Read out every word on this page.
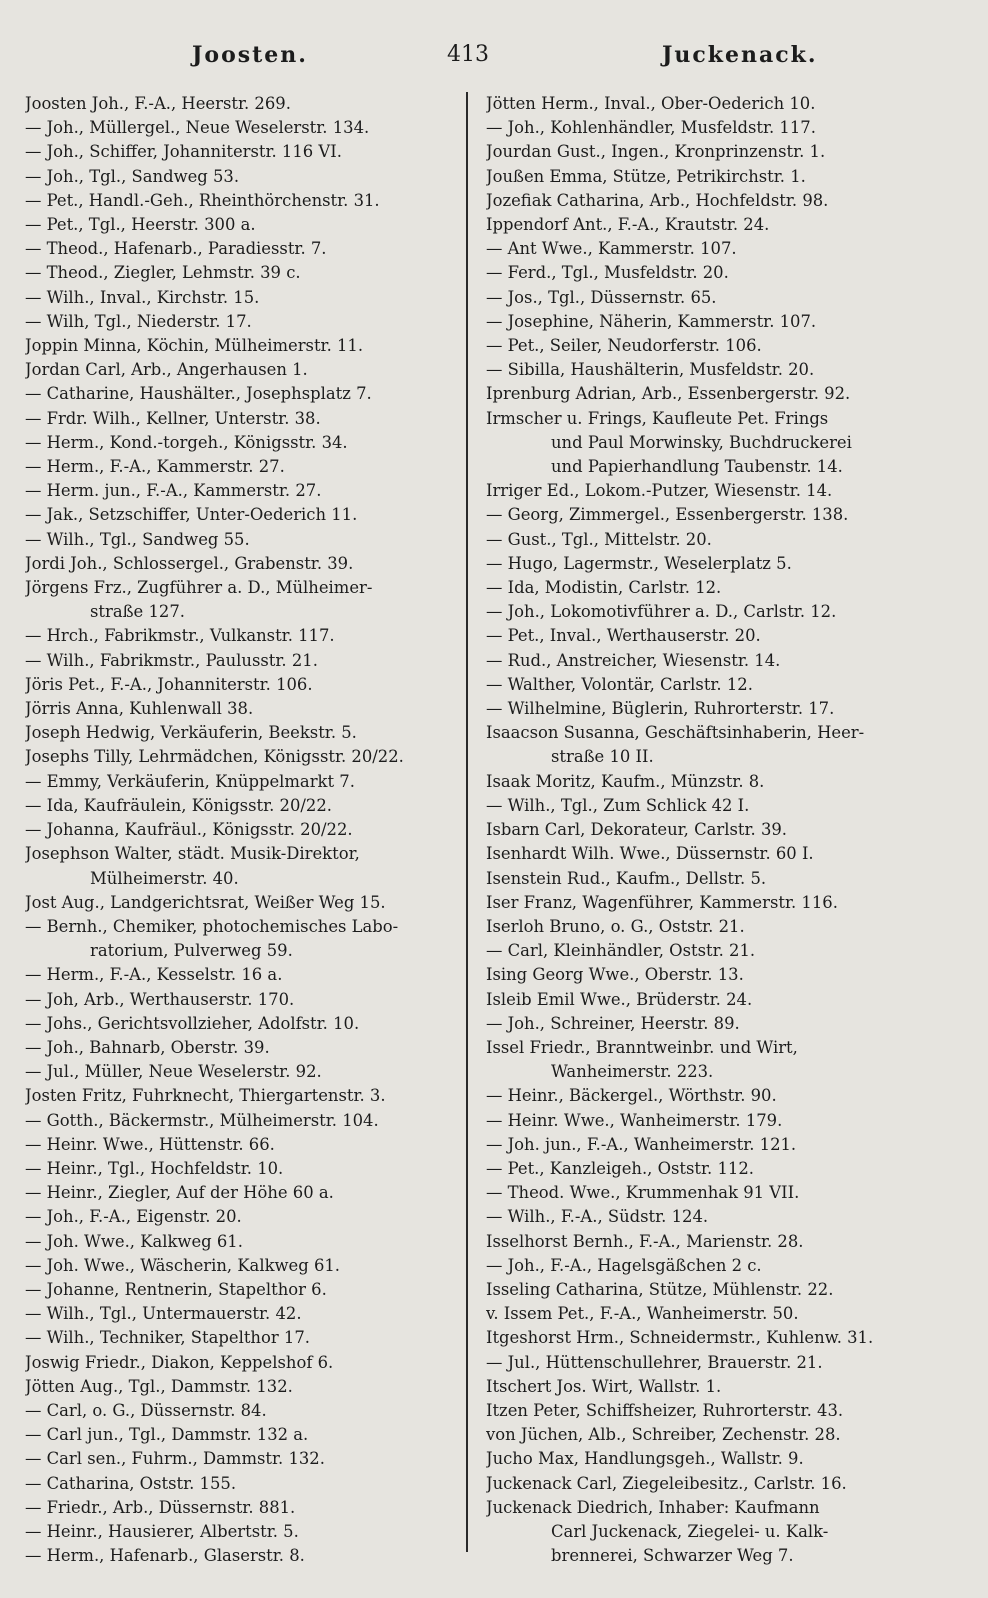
Joosten.	413	Juckenack.
Joosten Joh., F.-A., Heerstr. 269.
— Joh., Müllergel., Neue Weselerstr. 134.
— Joh., Schiffer, Johanniterstr. 116 VI.
— Joh., Tgl., Sandweg 53.
— Pet., Handl.-Geh., Rheinthörchenstr. 31.
— Pet., Tgl., Heerstr. 300 a.
— Theod., Hafenarb., Paradiesstr. 7.
— Theod., Ziegler, Lehmstr. 39 c.
— Wilh., Inval., Kirchstr. 15.
— Wilh, Tgl., Niederstr. 17.
Joppin Minna, Köchin, Mülheimerstr. 11.
Jordan Carl, Arb., Angerhausen 1.
— Catharine, Haushälter., Josephsplatz 7.
— Frdr. Wilh., Kellner, Unterstr. 38.
— Herm., Kond.-torgeh., Königsstr. 34.
— Herm., F.-A., Kammerstr. 27.
— Herm. jun., F.-A., Kammerstr. 27.
— Jak., Setzschiffer, Unter-Oederich 11.
— Wilh., Tgl., Sandweg 55.
Jordi Joh., Schlossergel., Grabenstr. 39.
Jörgens Frz., Zugführer a. D., Mülheimer-
straße 127.
— Hrch., Fabrikmstr., Vulkanstr. 117.
— Wilh., Fabrikmstr., Paulusstr. 21.
Jöris Pet., F.-A., Johanniterstr. 106.
Jörris Anna, Kuhlenwall 38.
Joseph Hedwig, Verkäuferin, Beekstr. 5.
Josephs Tilly, Lehrmädchen, Königsstr. 20/22.
— Emmy, Verkäuferin, Knüppelmarkt 7.
— Ida, Kaufräulein, Königsstr. 20/22.
— Johanna, Kaufräul., Königsstr. 20/22.
Josephson Walter, städt. Musik-Direktor,
Mülheimerstr. 40.
Jost Aug., Landgerichtsrat, Weißer Weg 15.
— Bernh., Chemiker, photochemisches Labo-
ratorium, Pulverweg 59.
— Herm., F.-A., Kesselstr. 16 a.
— Joh, Arb., Werthauserstr. 170.
— Johs., Gerichtsvollzieher, Adolfstr. 10.
— Joh., Bahnarb, Oberstr. 39.
— Jul., Müller, Neue Weselerstr. 92.
Josten Fritz, Fuhrknecht, Thiergartenstr. 3.
— Gotth., Bäckermstr., Mülheimerstr. 104.
— Heinr. Wwe., Hüttenstr. 66.
— Heinr., Tgl., Hochfeldstr. 10.
— Heinr., Ziegler, Auf der Höhe 60 a.
— Joh., F.-A., Eigenstr. 20.
— Joh. Wwe., Kalkweg 61.
— Joh. Wwe., Wäscherin, Kalkweg 61.
— Johanne, Rentnerin, Stapelthor 6.
— Wilh., Tgl., Untermauerstr. 42.
— Wilh., Techniker, Stapelthor 17.
Joswig Friedr., Diakon, Keppelshof 6.
Jötten Aug., Tgl., Dammstr. 132.
— Carl, o. G., Düssernstr. 84.
— Carl jun., Tgl., Dammstr. 132 a.
— Carl sen., Fuhrm., Dammstr. 132.
— Catharina, Oststr. 155.
— Friedr., Arb., Düssernstr. 881.
— Heinr., Hausierer, Albertstr. 5.
— Herm., Hafenarb., Glaserstr. 8.
Jötten Herm., Inval., Ober-Oederich 10.
— Joh., Kohlenhändler, Musfeldstr. 117.
Jourdan Gust., Ingen., Kronprinzenstr. 1.
Joußen Emma, Stütze, Petrikirchstr. 1.
Jozefiak Catharina, Arb., Hochfeldstr. 98.
Ippendorf Ant., F.-A., Krautstr. 24.
— Ant Wwe., Kammerstr. 107.
— Ferd., Tgl., Musfeldstr. 20.
— Jos., Tgl., Düssernstr. 65.
— Josephine, Näherin, Kammerstr. 107.
— Pet., Seiler, Neudorferstr. 106.
— Sibilla, Haushälterin, Musfeldstr. 20.
Iprenburg Adrian, Arb., Essenbergerstr. 92.
Irmscher u. Frings, Kaufleute Pet. Frings
und Paul Morwinsky, Buchdruckerei
und Papierhandlung Taubenstr. 14.
Irriger Ed., Lokom.-Putzer, Wiesenstr. 14.
— Georg, Zimmergel., Essenbergerstr. 138.
— Gust., Tgl., Mittelstr. 20.
— Hugo, Lagermstr., Weselerplatz 5.
— Ida, Modistin, Carlstr. 12.
— Joh., Lokomotivführer a. D., Carlstr. 12.
— Pet., Inval., Werthauserstr. 20.
— Rud., Anstreicher, Wiesenstr. 14.
— Walther, Volontär, Carlstr. 12.
— Wilhelmine, Büglerin, Ruhrorterstr. 17.
Isaacson Susanna, Geschäftsinhaberin, Heer-
straße 10 II.
Isaak Moritz, Kaufm., Münzstr. 8.
— Wilh., Tgl., Zum Schlick 42 I.
Isbarn Carl, Dekorateur, Carlstr. 39.
Isenhardt Wilh. Wwe., Düssernstr. 60 I.
Isenstein Rud., Kaufm., Dellstr. 5.
Iser Franz, Wagenführer, Kammerstr. 116.
Iserloh Bruno, o. G., Oststr. 21.
— Carl, Kleinhändler, Oststr. 21.
Ising Georg Wwe., Oberstr. 13.
Isleib Emil Wwe., Brüderstr. 24.
— Joh., Schreiner, Heerstr. 89.
Issel Friedr., Branntweinbr. und Wirt,
Wanheimerstr. 223.
— Heinr., Bäckergel., Wörthstr. 90.
— Heinr. Wwe., Wanheimerstr. 179.
— Joh. jun., F.-A., Wanheimerstr. 121.
— Pet., Kanzleigeh., Oststr. 112.
— Theod. Wwe., Krummenhak 91 VII.
— Wilh., F.-A., Südstr. 124.
Isselhorst Bernh., F.-A., Marienstr. 28.
— Joh., F.-A., Hagelsgäßchen 2 c.
Isseling Catharina, Stütze, Mühlenstr. 22.
v. Issem Pet., F.-A., Wanheimerstr. 50.
Itgeshorst Hrm., Schneidermstr., Kuhlenw. 31.
— Jul., Hüttenschullehrer, Brauerstr. 21.
Itschert Jos. Wirt, Wallstr. 1.
Itzen Peter, Schiffsheizer, Ruhrorterstr. 43.
von Jüchen, Alb., Schreiber, Zechenstr. 28.
Jucho Max, Handlungsgeh., Wallstr. 9.
Juckenack Carl, Ziegeleibesitz., Carlstr. 16.
Juckenack Diedrich, Inhaber: Kaufmann
Carl Juckenack, Ziegelei- u. Kalk-
brennerei, Schwarzer Weg 7.
